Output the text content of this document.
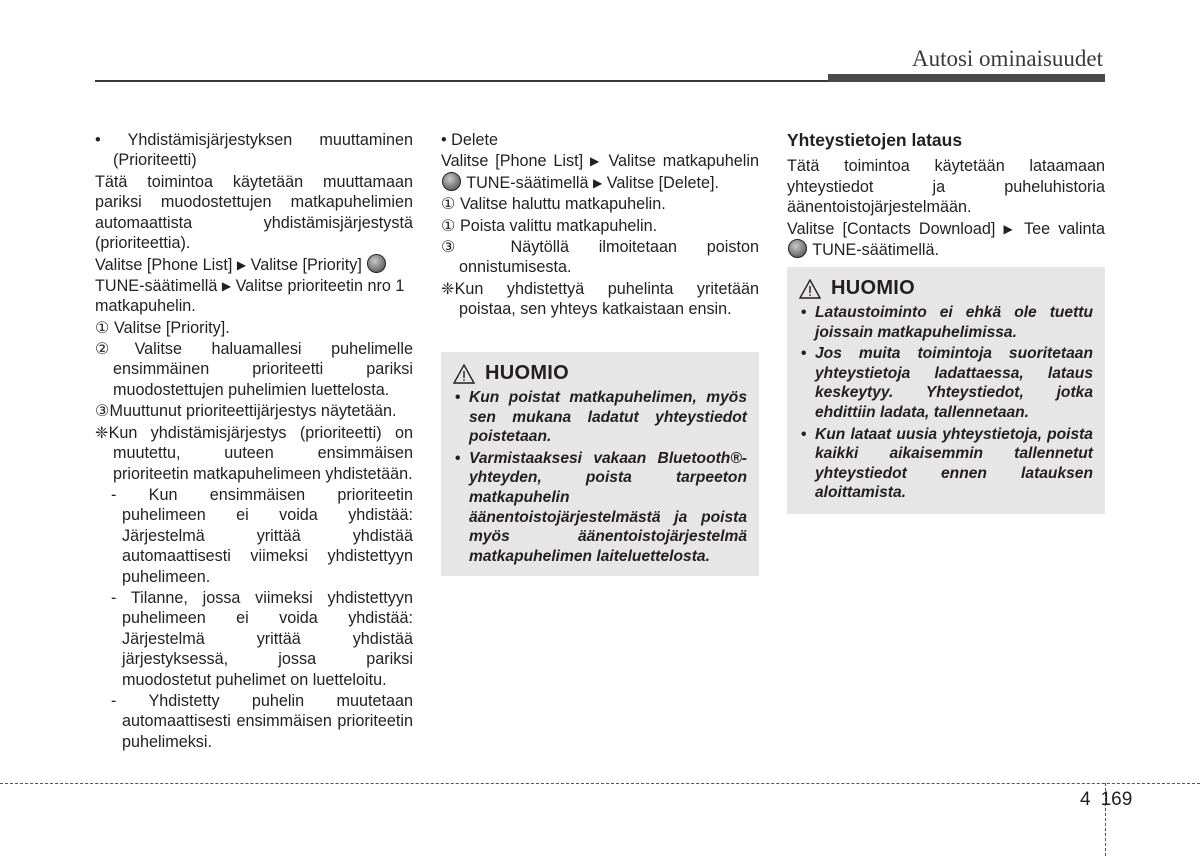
Autosi ominaisuudet

• Yhdistämisjärjestyksen muuttaminen (Prioriteetti)

Tätä toimintoa käytetään muuttamaan pariksi muodostettujen matkapuhelimien automaattista yhdistämisjärjestystä (prioriteettia).

Valitse [Phone List] ▶ Valitse [Priority]
TUNE-säätimellä ▶ Valitse prioriteetin nro 1 matkapuhelin.

① Valitse [Priority].

②Valitse haluamallesi puhelimelle ensimmäinen prioriteetti pariksi muodostettujen puhelimien luettelosta.

③Muuttunut prioriteettijärjestys näytetään.

❈Kun yhdistämisjärjestys (prioriteetti) on muutettu, uuteen ensimmäisen prioriteetin matkapuhelimeen yhdistetään.

- Kun ensimmäisen prioriteetin puhelimeen ei voida yhdistää: Järjestelmä yrittää yhdistää automaattisesti viimeksi yhdistettyyn puhelimeen.

- Tilanne, jossa viimeksi yhdistettyyn puhelimeen ei voida yhdistää: Järjestelmä yrittää yhdistää järjestyksessä, jossa pariksi muodostetut puhelimet on luetteloitu.

- Yhdistetty puhelin muutetaan automaattisesti ensimmäisen prioriteetin puhelimeksi.

• Delete

Valitse [Phone List] ▶ Valitse matkapuhelin  TUNE-säätimellä ▶ Valitse [Delete].

① Valitse haluttu matkapuhelin.

① Poista valittu matkapuhelin.

③ Näytöllä ilmoitetaan poiston onnistumisesta.

❈Kun yhdistettyä puhelinta yritetään poistaa, sen yhteys katkaistaan ensin.

HUOMIO
• Kun poistat matkapuhelimen, myös sen mukana ladatut yhteystiedot poistetaan.
• Varmistaaksesi vakaan Bluetooth®-yhteyden, poista tarpeeton matkapuhelin äänentoistojärjestelmästä ja poista myös äänentoistojärjestelmä matkapuhelimen laiteluettelosta.

Yhteystietojen lataus

Tätä toimintoa käytetään lataamaan yhteystiedot ja puheluhistoria äänentoistojärjestelmään.

Valitse [Contacts Download] ▶ Tee valinta  TUNE-säätimellä.

HUOMIO
• Lataustoiminto ei ehkä ole tuettu joissain matkapuhelimissa.
• Jos muita toimintoja suoritetaan yhteystietoja ladattaessa, lataus keskeytyy. Yhteystiedot, jotka ehdittiin ladata, tallennetaan.
• Kun lataat uusia yhteystietoja, poista kaikki aikaisemmin tallennetut yhteystiedot ennen latauksen aloittamista.
4 169
